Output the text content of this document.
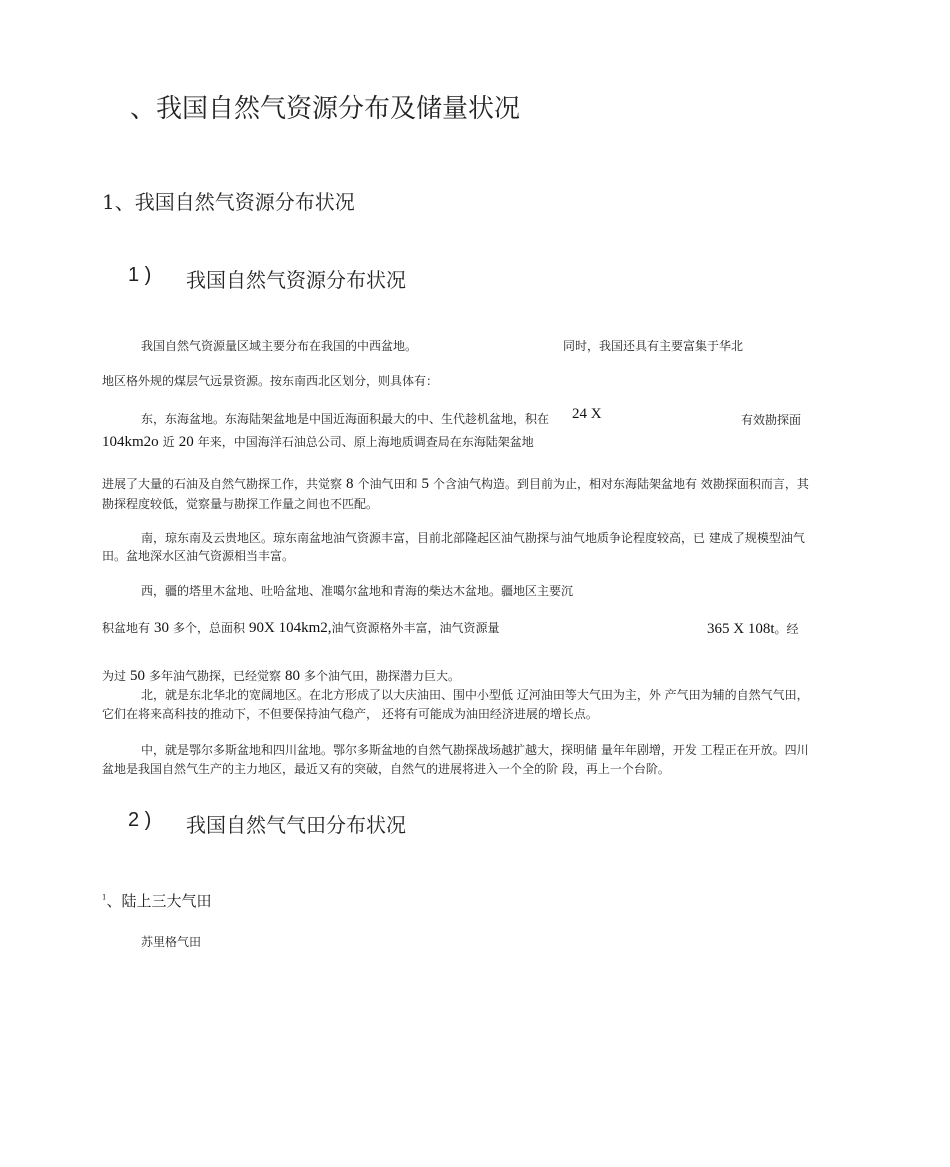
、我国自然气资源分布及储量状况
1、我国自然气资源分布状况
1 ) 我国自然气资源分布状况
我国自然气资源量区域主要分布在我国的中西盆地。	同时，我国还具有主要富集于华北
地区格外规的煤层气远景资源。按东南西北区划分，则具体有：
东，东海盆地。东海陆架盆地是中国近海面积最大的中、生代趁机盆地，积在 24 X	有效勘探面
104km2o 近 20 年来，中国海洋石油总公司、原上海地质调查局在东海陆架盆地
进展了大量的石油及自然气勘探工作，共觉察 8 个油气田和 5 个含油气构造。到目前为止，相对东海陆架盆地有 效勘探面积而言，其
勘探程度较低，觉察量与勘探工作量之间也不匹配。
南，琼东南及云贵地区。琼东南盆地油气资源丰富，目前北部隆起区油气勘探与油气地质争论程度较高，已 建成了规模型油气
田。盆地深水区油气资源相当丰富。
西，疆的塔里木盆地、吐哈盆地、准噶尔盆地和青海的柴达木盆地。疆地区主要沉
积盆地有 30 多个，总面积 90X 104km2,油气资源格外丰富，油气资源量	365 X 108t。经
为过 50 多年油气勘探，已经觉察 80 多个油气田，勘探潜力巨大。
北，就是东北华北的宽阔地区。在北方形成了以大庆油田、围中小型低 辽河油田等大气田为主，外 产气田为辅的自然气气田，
它们在将来高科技的推动下，不但要保持油气稳产， 还将有可能成为油田经济进展的增长点。
中，就是鄂尔多斯盆地和四川盆地。鄂尔多斯盆地的自然气勘探战场越扩越大，探明储 量年年剧增，开发 工程正在开放。四川
盆地是我国自然气生产的主力地区，最近又有的突破，自然气的进展将进入一个全的阶 段，再上一个台阶。
2 ) 我国自然气气田分布状况
$^1$、陆上三大气田
苏里格气田
